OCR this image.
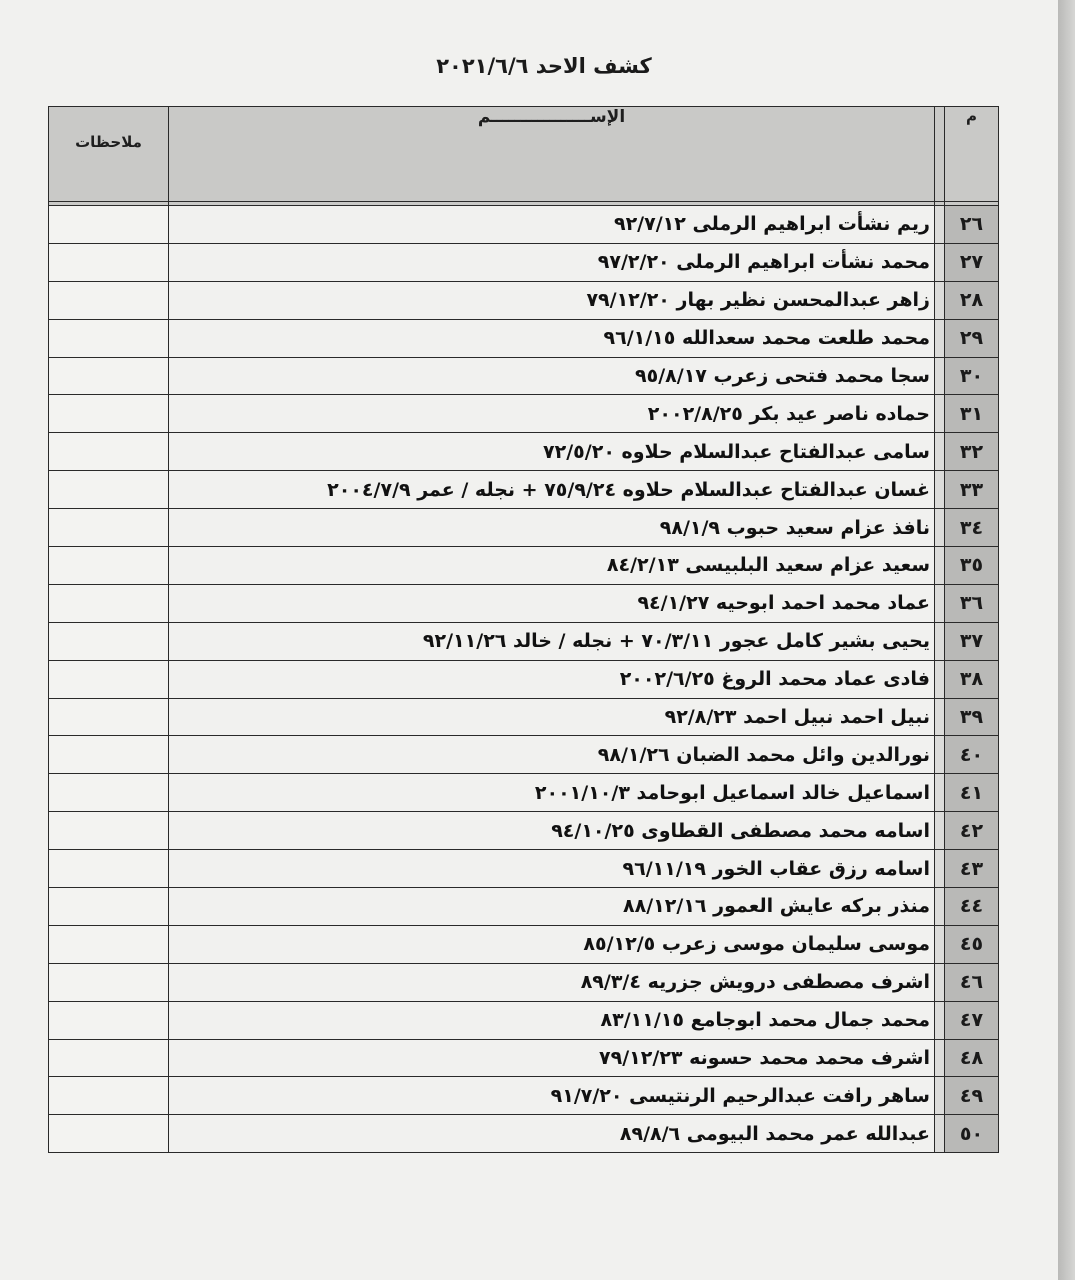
كشف الاحد ٢٠٢١/٦/٦
م		الإســـــــــــــــــم	ملاحظات

٢٦		ريم نشأت ابراهيم الرملى ٩٢/٧/١٢	
٢٧		محمد نشأت ابراهيم الرملى ٩٧/٢/٢٠	
٢٨		زاهر عبدالمحسن نظير بهار ٧٩/١٢/٢٠	
٢٩		محمد طلعت محمد سعدالله ٩٦/١/١٥	
٣٠		سجا محمد فتحى زعرب ٩٥/٨/١٧	
٣١		حماده ناصر عيد بكر ٢٠٠٢/٨/٢٥	
٣٢		سامى عبدالفتاح عبدالسلام حلاوه ٧٢/٥/٢٠	
٣٣		غسان عبدالفتاح عبدالسلام حلاوه ٧٥/٩/٢٤ + نجله / عمر ٢٠٠٤/٧/٩	
٣٤		نافذ عزام سعيد حبوب ٩٨/١/٩	
٣٥		سعيد عزام سعيد البلبيسى ٨٤/٢/١٣	
٣٦		عماد محمد احمد ابوحيه ٩٤/١/٢٧	
٣٧		يحيى بشير كامل عجور ٧٠/٣/١١ + نجله / خالد ٩٢/١١/٢٦	
٣٨		فادى عماد محمد الروغ ٢٠٠٢/٦/٢٥	
٣٩		نبيل احمد نبيل احمد ٩٢/٨/٢٣	
٤٠		نورالدين وائل محمد الضبان ٩٨/١/٢٦	
٤١		اسماعيل خالد اسماعيل ابوحامد ٢٠٠١/١٠/٣	
٤٢		اسامه محمد مصطفى القطاوى ٩٤/١٠/٢٥	
٤٣		اسامه رزق عقاب الخور ٩٦/١١/١٩	
٤٤		منذر بركه عايش العمور ٨٨/١٢/١٦	
٤٥		موسى سليمان موسى زعرب ٨٥/١٢/٥	
٤٦		اشرف مصطفى درويش جزريه ٨٩/٣/٤	
٤٧		محمد جمال محمد ابوجامع ٨٣/١١/١٥	
٤٨		اشرف محمد محمد حسونه ٧٩/١٢/٢٣	
٤٩		ساهر رافت عبدالرحيم الرنتيسى ٩١/٧/٢٠	
٥٠		عبدالله عمر محمد البيومى ٨٩/٨/٦	
